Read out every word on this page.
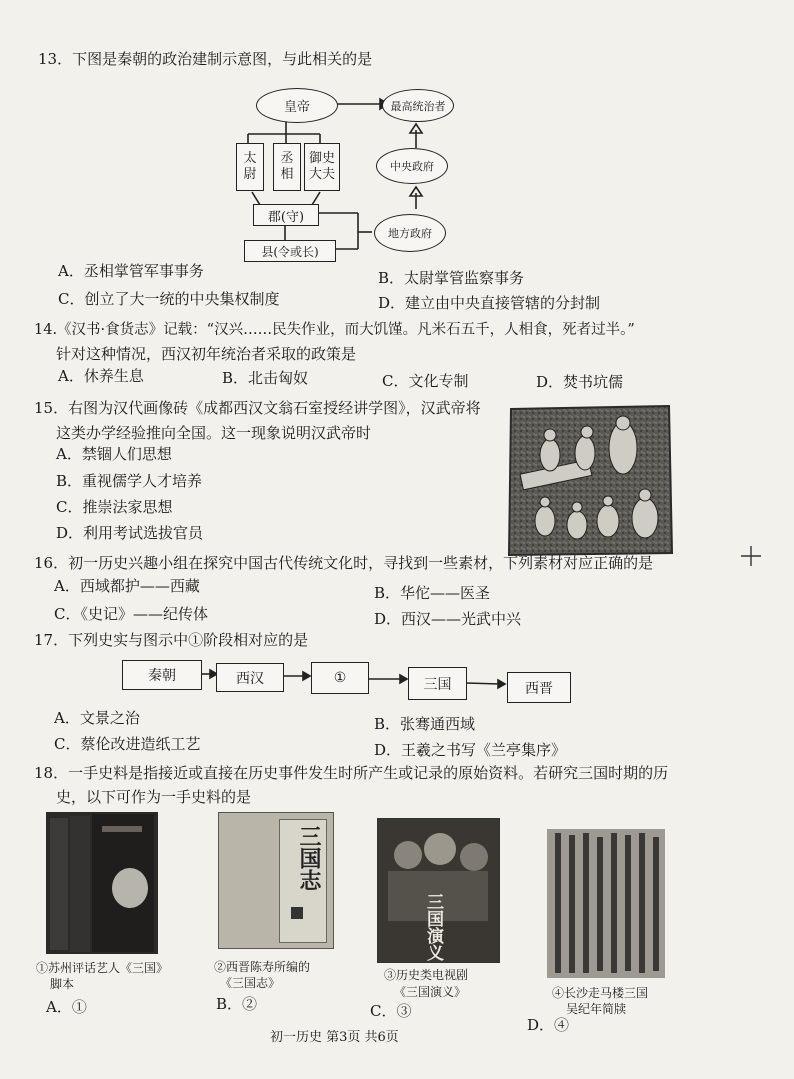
13．下图是秦朝的政治建制示意图，与此相关的是
皇帝
太尉
丞相
御史大夫
郡(守)
县(令或长)
最高统治者
中央政府
地方政府
A．丞相掌管军事事务	B．太尉掌管监察事务
C．创立了大一统的中央集权制度	D．建立由中央直接管辖的分封制
14.《汉书·食货志》记载：“汉兴……民失作业，而大饥馑。凡米石五千，人相食，死者过半。”
针对这种情况，西汉初年统治者采取的政策是
A．休养生息	B．北击匈奴	C．文化专制	D．焚书坑儒
15．右图为汉代画像砖《成都西汉文翁石室授经讲学图》，汉武帝将
这类办学经验推向全国。这一现象说明汉武帝时
A．禁锢人们思想
B．重视儒学人才培养
C．推崇法家思想
D．利用考试选拔官员
16．初一历史兴趣小组在探究中国古代传统文化时，寻找到一些素材，下列素材对应正确的是
A．西域都护——西藏	B．华佗——医圣
C．《史记》——纪传体	D．西汉——光武中兴
17．下列史实与图示中①阶段相对应的是
秦朝	西汉	①	三国	西晋
A．文景之治	B．张骞通西域
C．蔡伦改进造纸工艺	D．王羲之书写《兰亭集序》
18．一手史料是指接近或直接在历史事件发生时所产生或记录的原始资料。若研究三国时期的历
史，以下可作为一手史料的是
三国志
三国演义
①苏州评话艺人《三国》
脚本
②西晋陈寿所编的
《三国志》
③历史类电视剧
《三国演义》	④长沙走马楼三国
吴纪年简牍
A．①	B．②	C．③
D．④
初一历史 第3页 共6页
